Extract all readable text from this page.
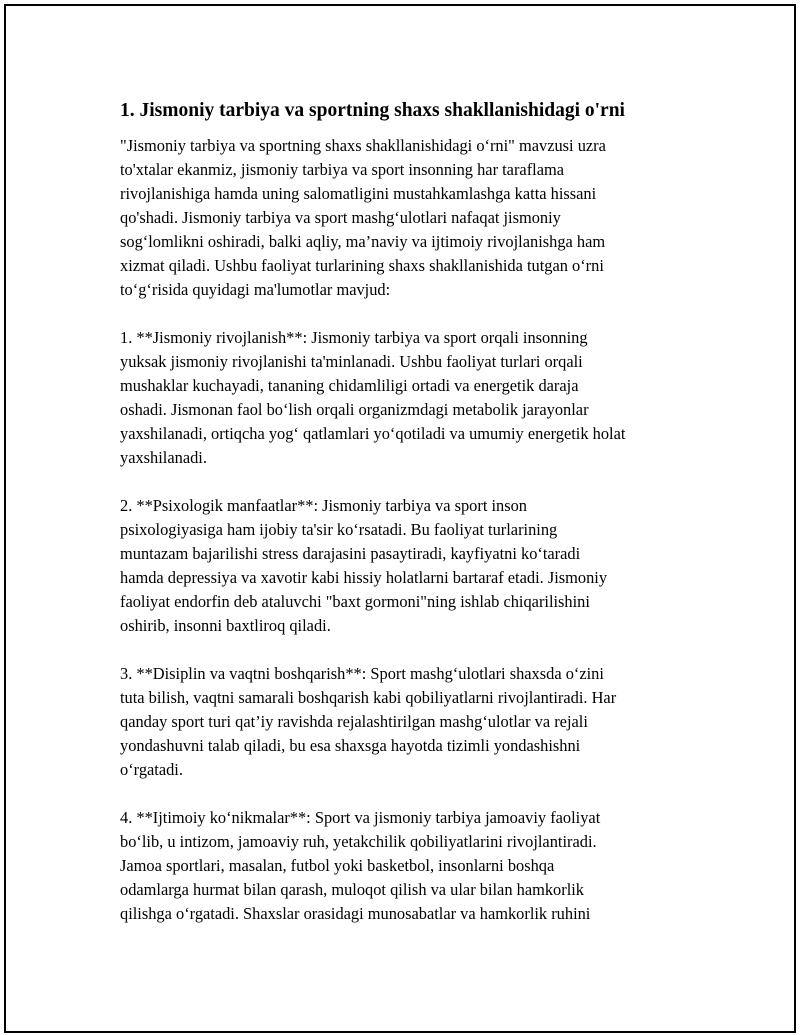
1. Jismoniy tarbiya va sportning shaxs shakllanishidagi o'rni

"Jismoniy tarbiya va sportning shaxs shakllanishidagi o‘rni" mavzusi uzra
to'xtalar ekanmiz, jismoniy tarbiya va sport insonning har taraflama
rivojlanishiga hamda uning salomatligini mustahkamlashga katta hissani
qo'shadi. Jismoniy tarbiya va sport mashg‘ulotlari nafaqat jismoniy
sog‘lomlikni oshiradi, balki aqliy, ma’naviy va ijtimoiy rivojlanishga ham
xizmat qiladi. Ushbu faoliyat turlarining shaxs shakllanishida tutgan o‘rni
to‘g‘risida quyidagi ma'lumotlar mavjud:

1. **Jismoniy rivojlanish**: Jismoniy tarbiya va sport orqali insonning
yuksak jismoniy rivojlanishi ta'minlanadi. Ushbu faoliyat turlari orqali
mushaklar kuchayadi, tananing chidamliligi ortadi va energetik daraja
oshadi. Jismonan faol bo‘lish orqali organizmdagi metabolik jarayonlar
yaxshilanadi, ortiqcha yog‘ qatlamlari yo‘qotiladi va umumiy energetik holat
yaxshilanadi.

2. **Psixologik manfaatlar**: Jismoniy tarbiya va sport inson
psixologiyasiga ham ijobiy ta'sir ko‘rsatadi. Bu faoliyat turlarining
muntazam bajarilishi stress darajasini pasaytiradi, kayfiyatni ko‘taradi
hamda depressiya va xavotir kabi hissiy holatlarni bartaraf etadi. Jismoniy
faoliyat endorfin deb ataluvchi "baxt gormoni"ning ishlab chiqarilishini
oshirib, insonni baxtliroq qiladi.

3. **Disiplin va vaqtni boshqarish**: Sport mashg‘ulotlari shaxsda o‘zini
tuta bilish, vaqtni samarali boshqarish kabi qobiliyatlarni rivojlantiradi. Har
qanday sport turi qat’iy ravishda rejalashtirilgan mashg‘ulotlar va rejali
yondashuvni talab qiladi, bu esa shaxsga hayotda tizimli yondashishni
o‘rgatadi.

4. **Ijtimoiy ko‘nikmalar**: Sport va jismoniy tarbiya jamoaviy faoliyat
bo‘lib, u intizom, jamoaviy ruh, yetakchilik qobiliyatlarini rivojlantiradi.
Jamoa sportlari, masalan, futbol yoki basketbol, insonlarni boshqa
odamlarga hurmat bilan qarash, muloqot qilish va ular bilan hamkorlik
qilishga o‘rgatadi. Shaxslar orasidagi munosabatlar va hamkorlik ruhini
